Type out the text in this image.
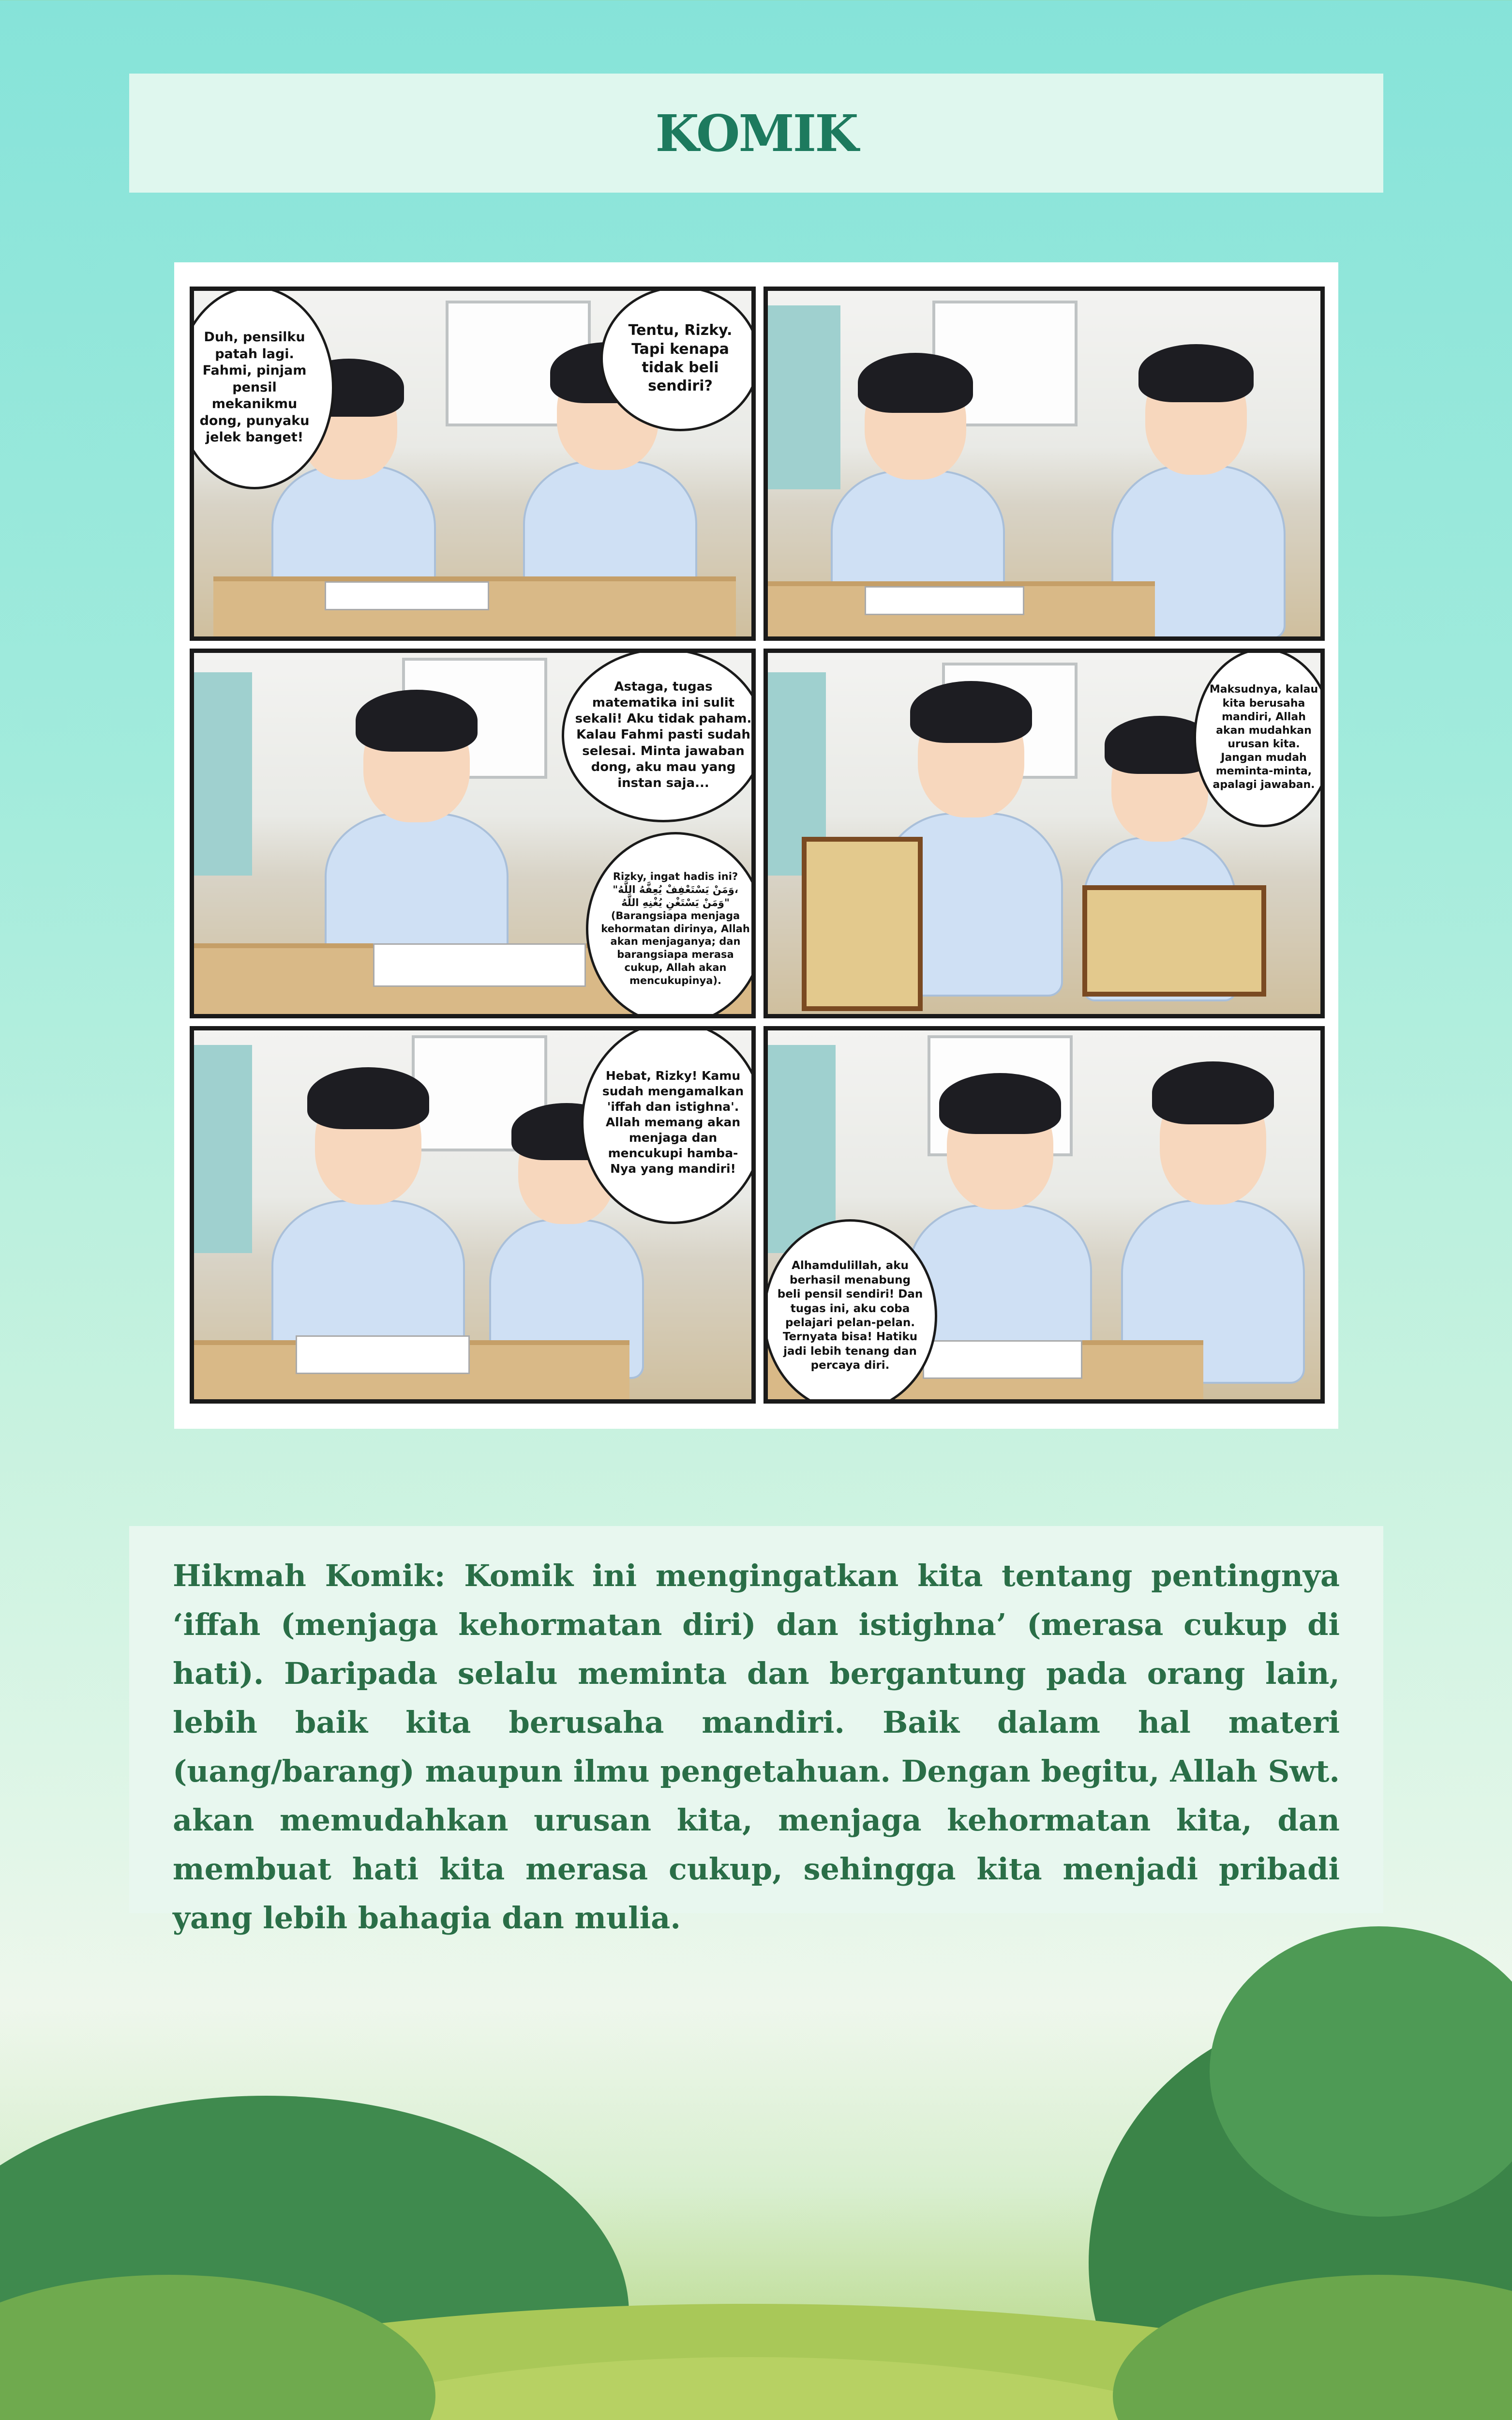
KOMIK
Duh, pensilku
patah lagi.
Fahmi, pinjam
pensil
mekanikmu
dong, punyaku
jelek banget!
Tentu, Rizky.
Tapi kenapa
tidak beli
sendiri?
Astaga, tugas
matematika ini sulit
sekali! Aku tidak paham.
Kalau Fahmi pasti sudah
selesai. Minta jawaban
dong, aku mau yang
instan saja...
Rizky, ingat hadis ini?
"وَمَنْ يَسْتَعْفِفْ يُعِفَّهُ اللَّهُ،
وَمَنْ يَسْتَغْنِ يُغْنِهِ اللَّهُ"
(Barangsiapa menjaga
kehormatan dirinya, Allah
akan menjaganya; dan
barangsiapa merasa
cukup, Allah akan
mencukupinya).
Maksudnya, kalau
kita berusaha
mandiri, Allah
akan mudahkan
urusan kita.
Jangan mudah
meminta-minta,
apalagi jawaban.
Hebat, Rizky! Kamu
sudah mengamalkan
'iffah dan istighna'.
Allah memang akan
menjaga dan
mencukupi hamba-
Nya yang mandiri!
Alhamdulillah, aku
berhasil menabung
beli pensil sendiri! Dan
tugas ini, aku coba
pelajari pelan-pelan.
Ternyata bisa! Hatiku
jadi lebih tenang dan
percaya diri.

Hikmah Komik: Komik ini mengingatkan kita tentang pentingnya ‘iffah (menjaga kehormatan diri) dan istighna’ (merasa cukup di hati). Daripada selalu meminta dan bergantung pada orang lain, lebih baik kita berusaha mandiri. Baik dalam hal materi (uang/barang) maupun ilmu pengetahuan. Dengan begitu, Allah Swt. akan memudahkan urusan kita, menjaga kehormatan kita, dan membuat hati kita merasa cukup, sehingga kita menjadi pribadi yang lebih bahagia dan mulia.
